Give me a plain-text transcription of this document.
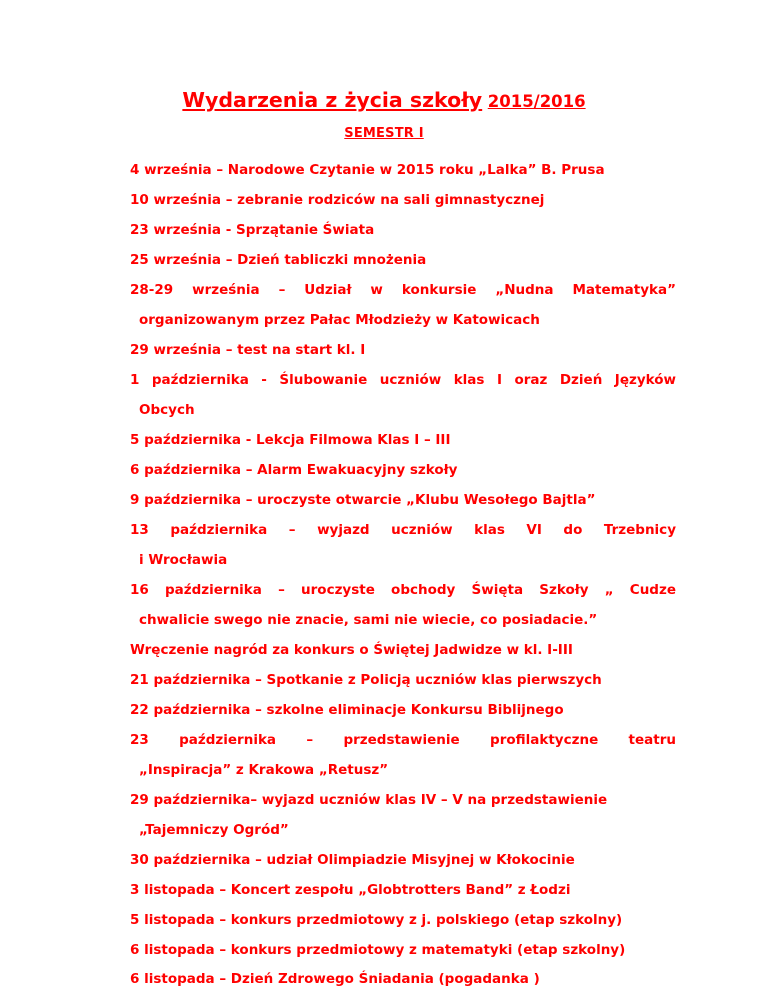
Wydarzenia z życia szkoły 2015/2016
SEMESTR I
4 września – Narodowe Czytanie w 2015 roku „Lalka” B. Prusa
10 września – zebranie rodziców na sali gimnastycznej
23 września - Sprzątanie Świata
25 września – Dzień tabliczki mnożenia
28-29 września – Udział w konkursie „Nudna Matematyka”
organizowanym przez Pałac Młodzieży w Katowicach
29 września – test na start kl. I
1 października - Ślubowanie uczniów klas I oraz Dzień Języków
Obcych
5 października - Lekcja Filmowa Klas I – III
6 października – Alarm Ewakuacyjny szkoły
9 października – uroczyste otwarcie „Klubu Wesołego Bajtla”
13 października – wyjazd uczniów klas VI do Trzebnicy
i Wrocławia
16 października – uroczyste obchody Święta Szkoły „ Cudze
chwalicie swego nie znacie, sami nie wiecie, co posiadacie.”
Wręczenie nagród za konkurs o Świętej Jadwidze w kl. I-III
21 października – Spotkanie z Policją uczniów klas pierwszych
22 października – szkolne eliminacje Konkursu Biblijnego
23 października – przedstawienie profilaktyczne teatru
„Inspiracja” z Krakowa „Retusz”
29 października– wyjazd uczniów klas IV – V na przedstawienie
„Tajemniczy Ogród”
30 października – udział Olimpiadzie Misyjnej w Kłokocinie
3 listopada – Koncert zespołu „Globtrotters Band” z Łodzi
5 listopada – konkurs przedmiotowy z j. polskiego (etap szkolny)
6 listopada – konkurs przedmiotowy z matematyki (etap szkolny)
6 listopada – Dzień Zdrowego Śniadania (pogadanka )
